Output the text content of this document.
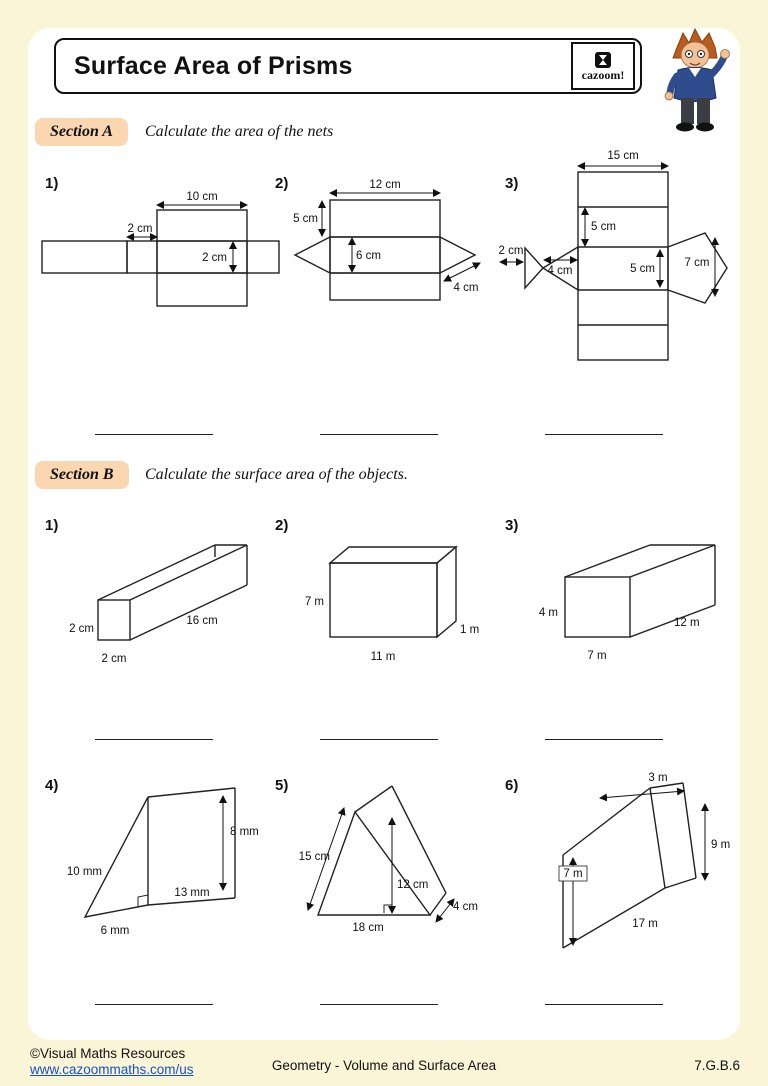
Surface Area of Prisms	cazoom!
Section A	Calculate the area of the nets
1)	2)	3)
10 cm
2 cm
2 cm
12 cm
5 cm
6 cm
4 cm
15 cm
5 cm
2 cm
4 cm	5 cm	7 cm
Section B	Calculate the surface area of the objects.
1)	2)	3)
2 cm
16 cm
2 cm
7 m
11 m
1 m
4 m
12 m
7 m
4)	5)	6)
8 mm
10 mm
13 mm
6 mm
15 cm
12 cm
4 cm
18 cm
3 m
9 m
7 m
17 m
©Visual Maths Resources
www.cazoommaths.com/us	Geometry - Volume and Surface Area	7.G.B.6
